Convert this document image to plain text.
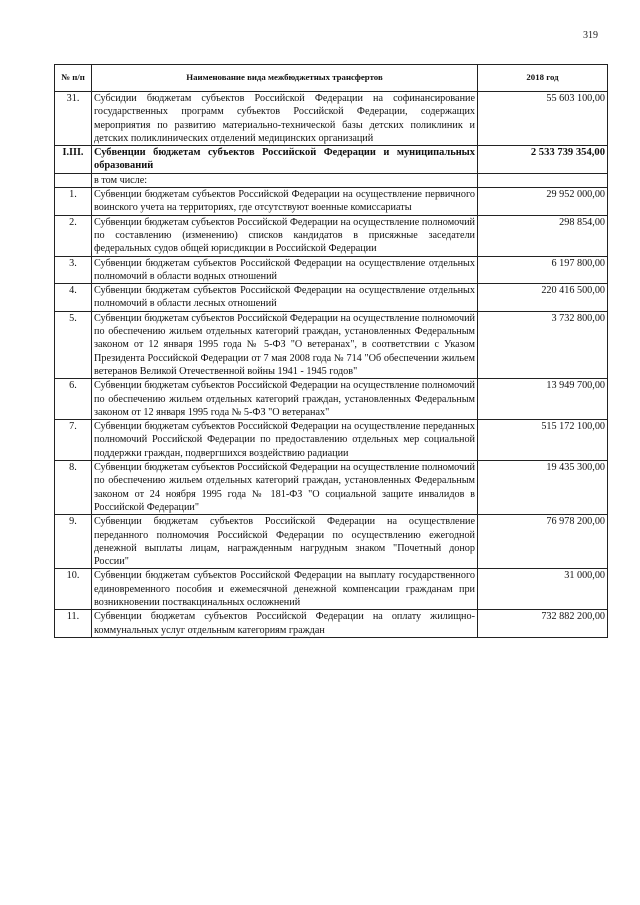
319
№ п/п	Наименование вида межбюджетных трансфертов	2018 год
31.	Субсидии бюджетам субъектов Российской Федерации на софинансирование государственных программ субъектов Российской Федерации, содержащих мероприятия по развитию материально-технической базы детских поликлиник и детских поликлинических отделений медицинских организаций	55 603 100,00
I.III.	Субвенции бюджетам субъектов Российской Федерации и муниципальных образований	2 533 739 354,00
	в том числе:	
1.	Субвенции бюджетам субъектов Российской Федерации на осуществление первичного воинского учета на территориях, где отсутствуют военные комиссариаты	29 952 000,00
2.	Субвенции бюджетам субъектов Российской Федерации на осуществление полномочий по составлению (изменению) списков кандидатов в присяжные заседатели федеральных судов общей юрисдикции в Российской Федерации	298 854,00
3.	Субвенции бюджетам субъектов Российской Федерации на осуществление отдельных полномочий в области водных отношений	6 197 800,00
4.	Субвенции бюджетам субъектов Российской Федерации на осуществление отдельных полномочий в области лесных отношений	220 416 500,00
5.	Субвенции бюджетам субъектов Российской Федерации на осуществление полномочий по обеспечению жильем отдельных категорий граждан, установленных Федеральным законом от 12 января 1995 года № 5-ФЗ "О ветеранах", в соответствии с Указом Президента Российской Федерации от 7 мая 2008 года № 714 "Об обеспечении жильем ветеранов Великой Отечественной войны 1941 - 1945 годов"	3 732 800,00
6.	Субвенции бюджетам субъектов Российской Федерации на осуществление полномочий по обеспечению жильем отдельных категорий граждан, установленных Федеральным законом от 12 января 1995 года № 5-ФЗ "О ветеранах"	13 949 700,00
7.	Субвенции бюджетам субъектов Российской Федерации на осуществление переданных полномочий Российской Федерации по предоставлению отдельных мер социальной поддержки граждан, подвергшихся воздействию радиации	515 172 100,00
8.	Субвенции бюджетам субъектов Российской Федерации на осуществление полномочий по обеспечению жильем отдельных категорий граждан, установленных Федеральным законом от 24 ноября 1995 года № 181-ФЗ "О социальной защите инвалидов в Российской Федерации"	19 435 300,00
9.	Субвенции бюджетам субъектов Российской Федерации на осуществление переданного полномочия Российской Федерации по осуществлению ежегодной денежной выплаты лицам, награжденным нагрудным знаком "Почетный донор России"	76 978 200,00
10.	Субвенции бюджетам субъектов Российской Федерации на выплату государственного единовременного пособия и ежемесячной денежной компенсации гражданам при возникновении поствакцинальных осложнений	31 000,00
11.	Субвенции бюджетам субъектов Российской Федерации на оплату жилищно-коммунальных услуг отдельным категориям граждан	732 882 200,00
